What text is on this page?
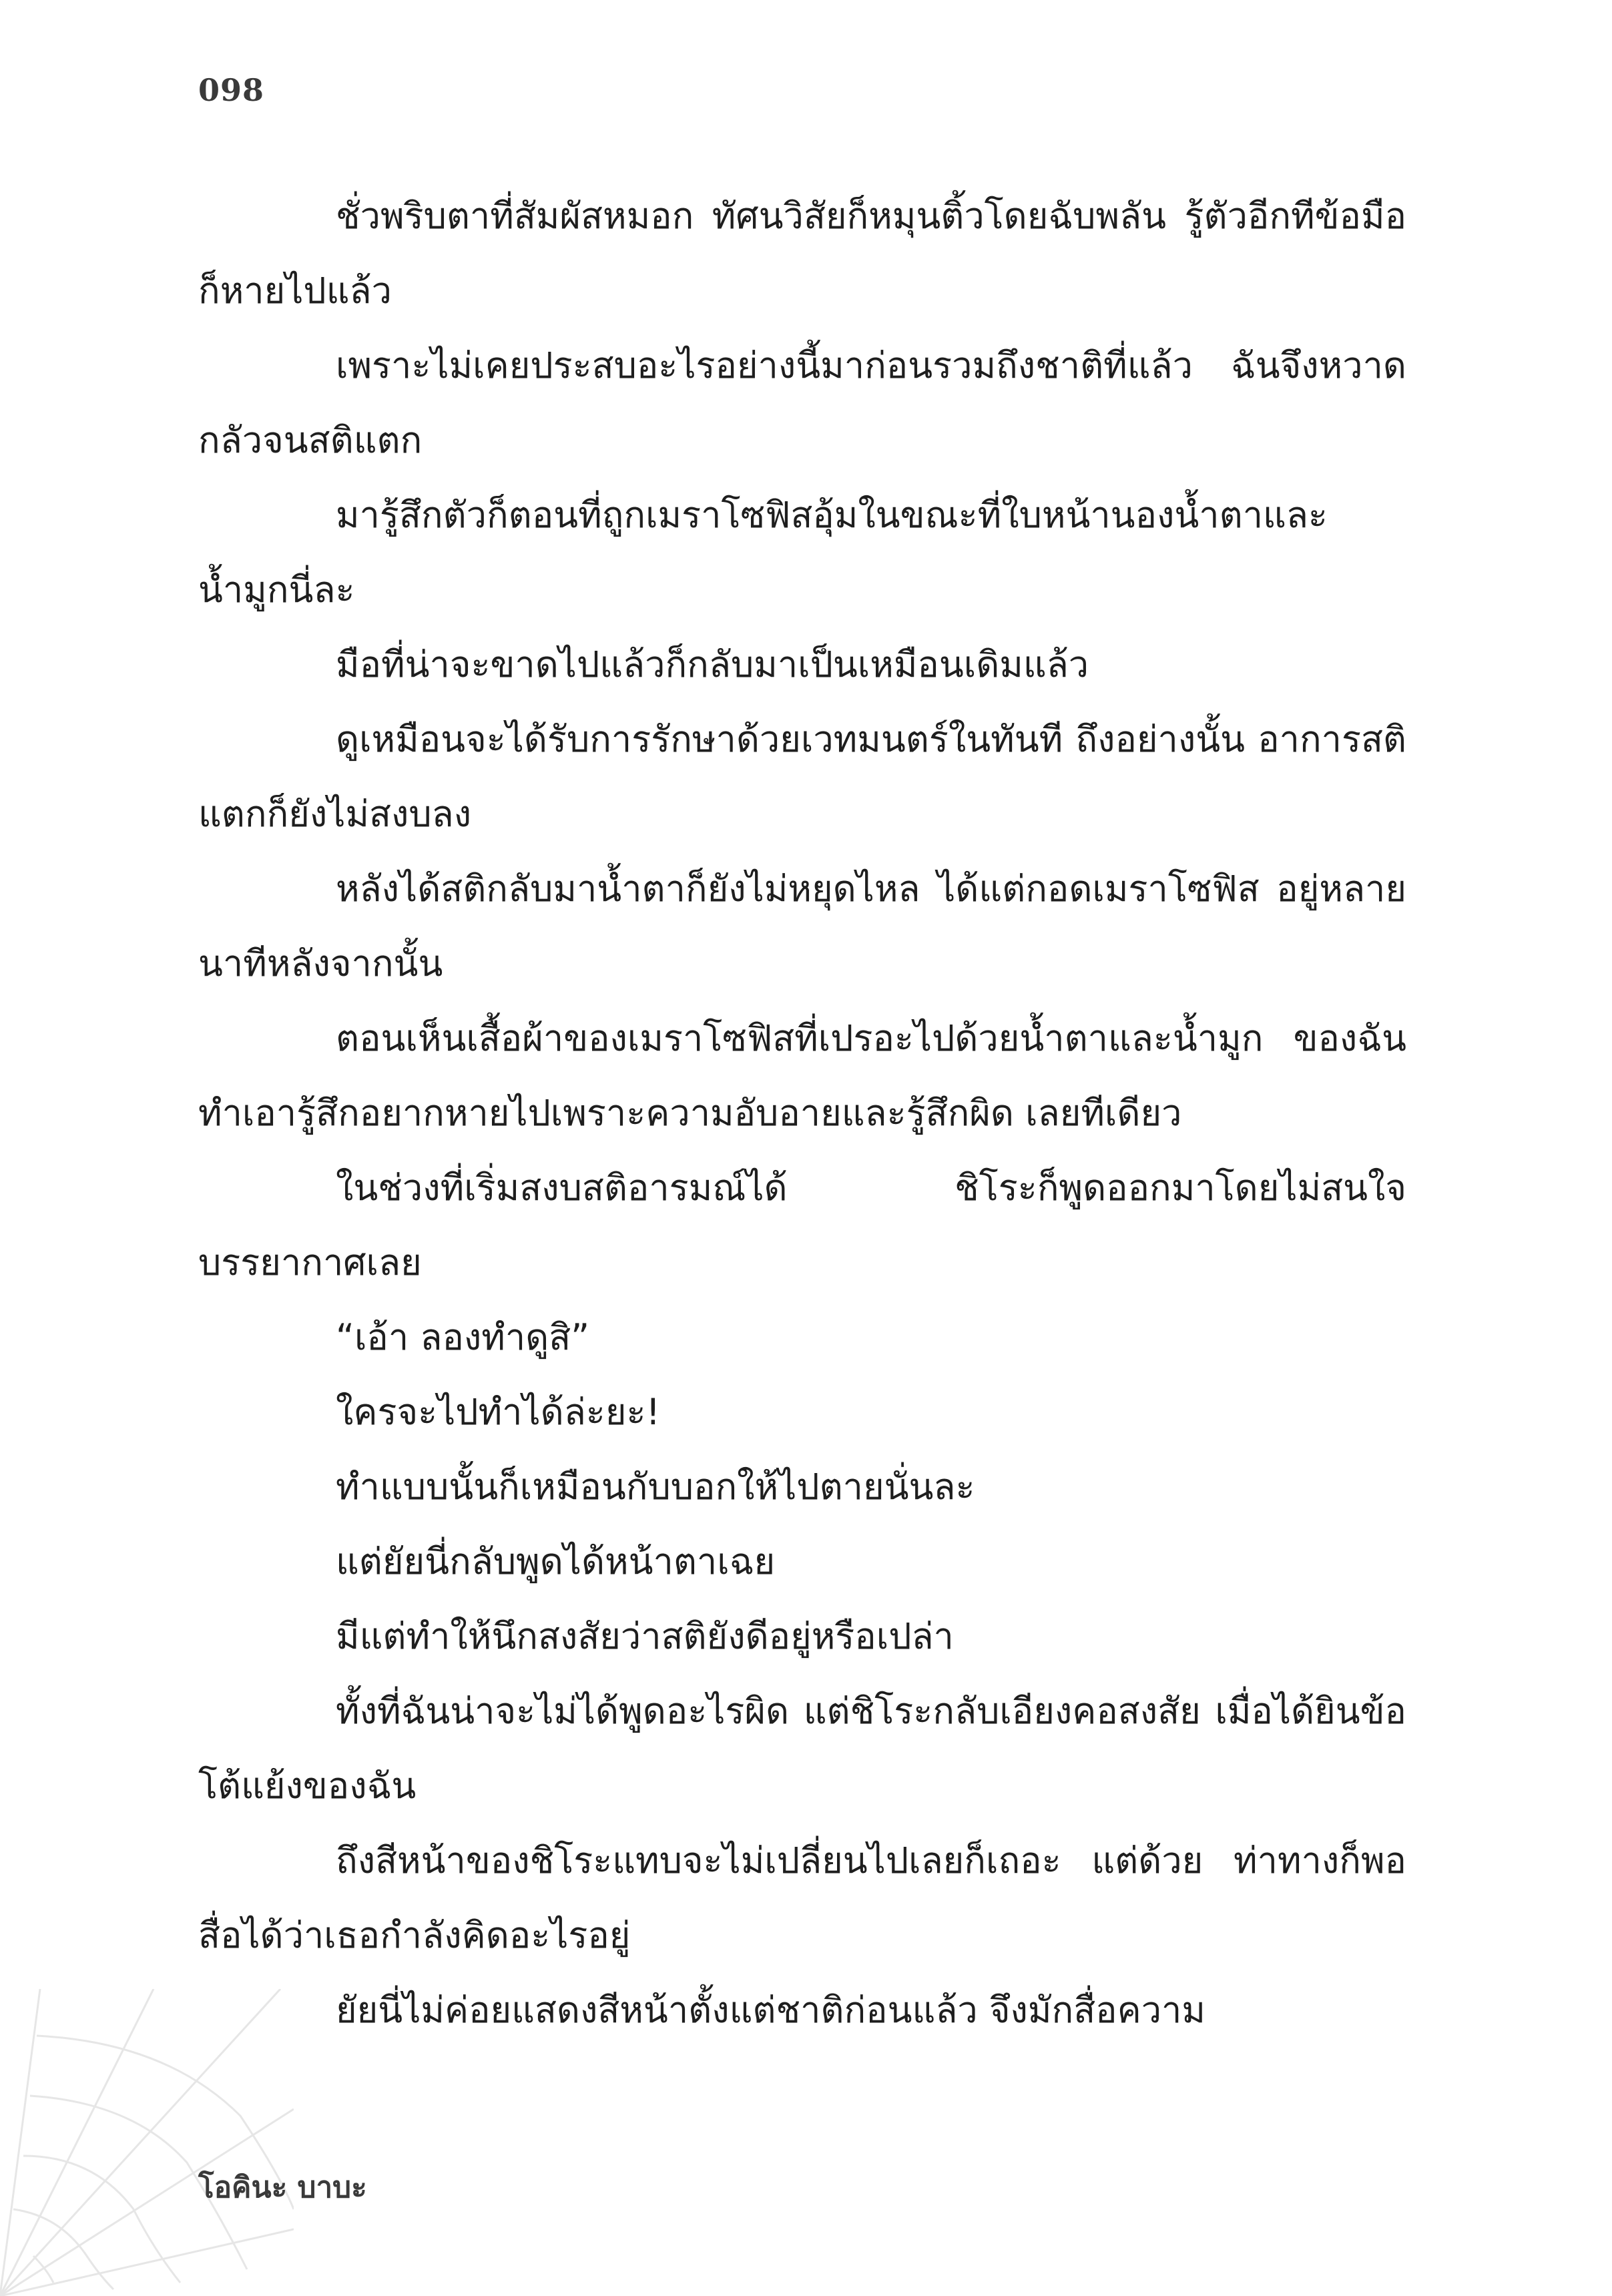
098

ชั่วพริบตาที่สัมผัสหมอก ทัศนวิสัยก็หมุนติ้วโดยฉับพลัน รู้ตัวอีกทีข้อมือก็หายไปแล้ว

เพราะไม่เคยประสบอะไรอย่างนี้มาก่อนรวมถึงชาติที่แล้ว ฉันจึงหวาดกลัวจนสติแตก

มารู้สึกตัวก็ตอนที่ถูกเมราโซฟิสอุ้มในขณะที่ใบหน้านองน้ำตาและน้ำมูกนี่ละ

มือที่น่าจะขาดไปแล้วก็กลับมาเป็นเหมือนเดิมแล้ว

ดูเหมือนจะได้รับการรักษาด้วยเวทมนตร์ในทันที ถึงอย่างนั้น อาการสติแตกก็ยังไม่สงบลง

หลังได้สติกลับมาน้ำตาก็ยังไม่หยุดไหล ได้แต่กอดเมราโซฟิส อยู่หลายนาทีหลังจากนั้น

ตอนเห็นเสื้อผ้าของเมราโซฟิสที่เปรอะไปด้วยน้ำตาและน้ำมูก ของฉัน ทำเอารู้สึกอยากหายไปเพราะความอับอายและรู้สึกผิด เลยทีเดียว

ในช่วงที่เริ่มสงบสติอารมณ์ได้ ชิโระก็พูดออกมาโดยไม่สนใจ บรรยากาศเลย

“เอ้า ลองทำดูสิ”

ใครจะไปทำได้ล่ะยะ!

ทำแบบนั้นก็เหมือนกับบอกให้ไปตายนั่นละ

แต่ยัยนี่กลับพูดได้หน้าตาเฉย

มีแต่ทำให้นึกสงสัยว่าสติยังดีอยู่หรือเปล่า

ทั้งที่ฉันน่าจะไม่ได้พูดอะไรผิด แต่ชิโระกลับเอียงคอสงสัย เมื่อได้ยินข้อโต้แย้งของฉัน

ถึงสีหน้าของชิโระแทบจะไม่เปลี่ยนไปเลยก็เถอะ แต่ด้วย ท่าทางก็พอสื่อได้ว่าเธอกำลังคิดอะไรอยู่

ยัยนี่ไม่ค่อยแสดงสีหน้าตั้งแต่ชาติก่อนแล้ว จึงมักสื่อความ

โอคินะ บาบะ
